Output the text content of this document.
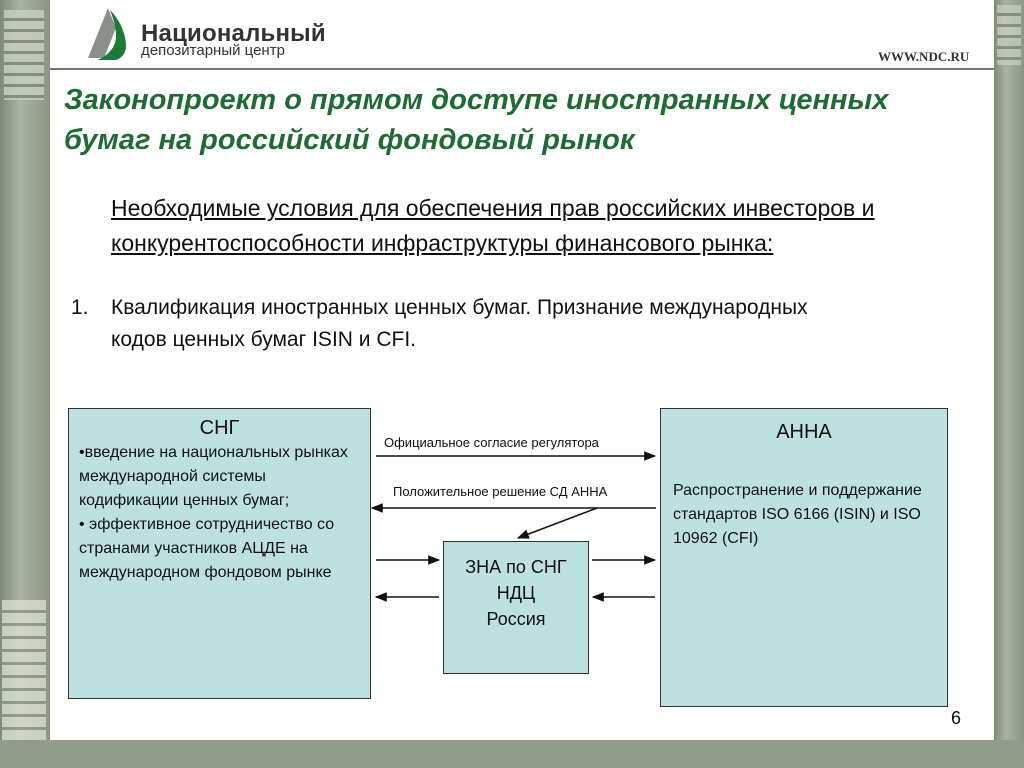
Национальный
депозитарный центр	WWW.NDC.RU
Законопроект о прямом доступе иностранных ценных бумаг на российский фондовый рынок
Необходимые условия для обеспечения прав российских инвесторов и конкурентоспособности инфраструктуры финансового рынка:
1. Квалификация иностранных ценных бумаг. Признание международных кодов ценных бумаг ISIN и CFI.
СНГ
•введение на национальных рынках международной системы кодификации ценных бумаг;
• эффективное сотрудничество со странами участников АЦДЕ на международном фондовом рынке
АННА
Распространение и поддержание стандартов ISO 6166 (ISIN) и ISO 10962 (CFI)
ЗНА по СНГ
НДЦ
Россия
Официальное согласие регулятора
Положительное решение СД АННА
6
